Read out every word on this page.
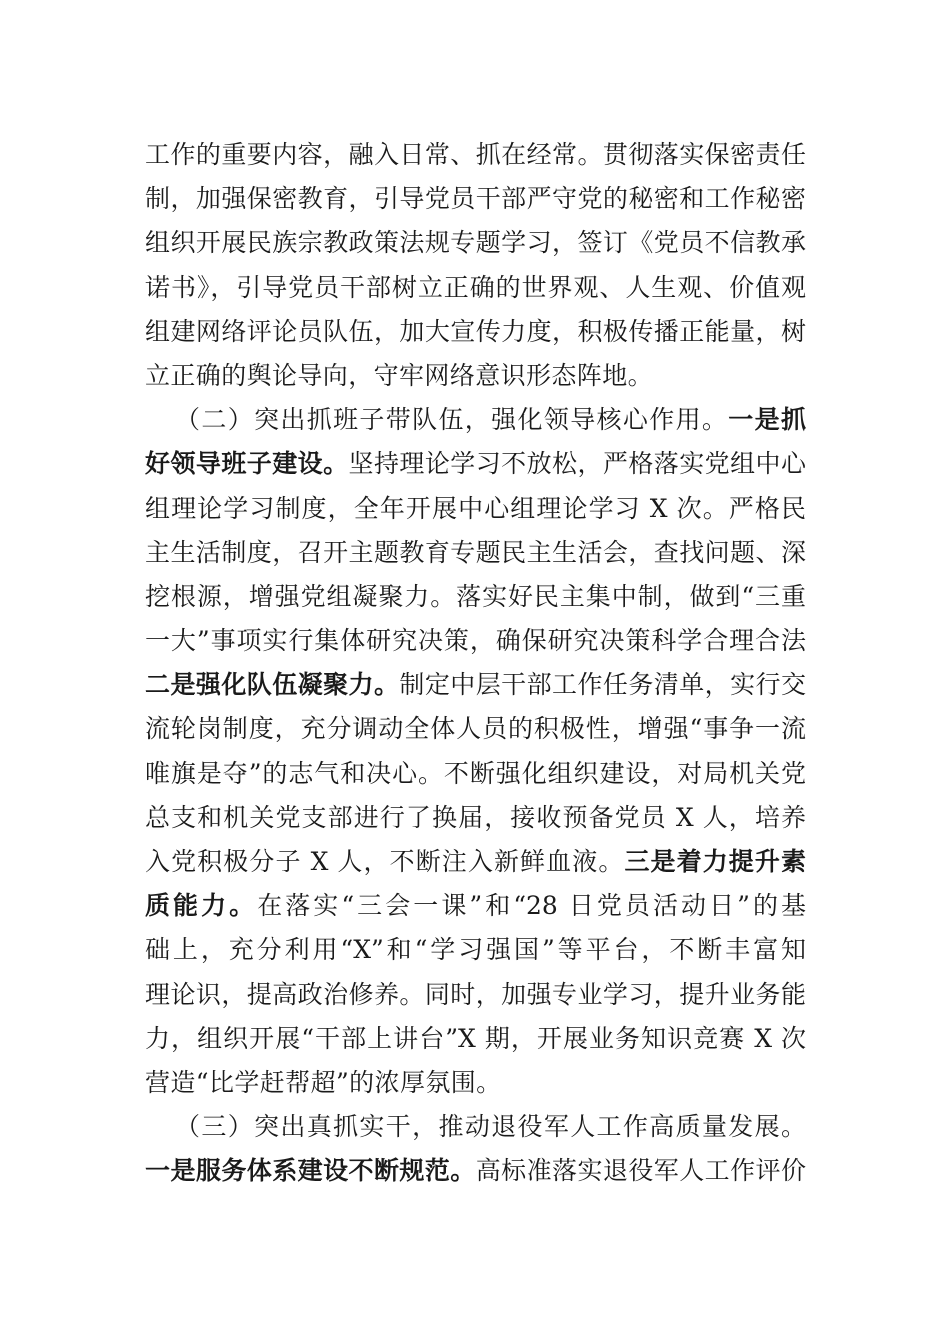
工作的重要内容，融入日常、抓在经常。贯彻落实保密责任
制，加强保密教育，引导党员干部严守党的秘密和工作秘密
组织开展民族宗教政策法规专题学习，签订《党员不信教承
诺书》，引导党员干部树立正确的世界观、人生观、价值观
组建网络评论员队伍，加大宣传力度，积极传播正能量，树
立正确的舆论导向，守牢网络意识形态阵地。
（二）突出抓班子带队伍，强化领导核心作用。一是抓
好领导班子建设。坚持理论学习不放松，严格落实党组中心
组理论学习制度，全年开展中心组理论学习 X 次。严格民
主生活制度，召开主题教育专题民主生活会，查找问题、深
挖根源，增强党组凝聚力。落实好民主集中制，做到“三重
一大”事项实行集体研究决策，确保研究决策科学合理合法
二是强化队伍凝聚力。制定中层干部工作任务清单，实行交
流轮岗制度，充分调动全体人员的积极性，增强“事争一流
唯旗是夺”的志气和决心。不断强化组织建设，对局机关党
总支和机关党支部进行了换届，接收预备党员 X 人，培养
入党积极分子 X 人，不断注入新鲜血液。三是着力提升素
质能力。在落实“三会一课”和“28 日党员活动日”的基
础上，充分利用“X”和“学习强国”等平台，不断丰富知
理论识，提高政治修养。同时，加强专业学习，提升业务能
力，组织开展“干部上讲台”X 期，开展业务知识竞赛 X 次
营造“比学赶帮超”的浓厚氛围。
（三）突出真抓实干，推动退役军人工作高质量发展。
一是服务体系建设不断规范。高标准落实退役军人工作评价
